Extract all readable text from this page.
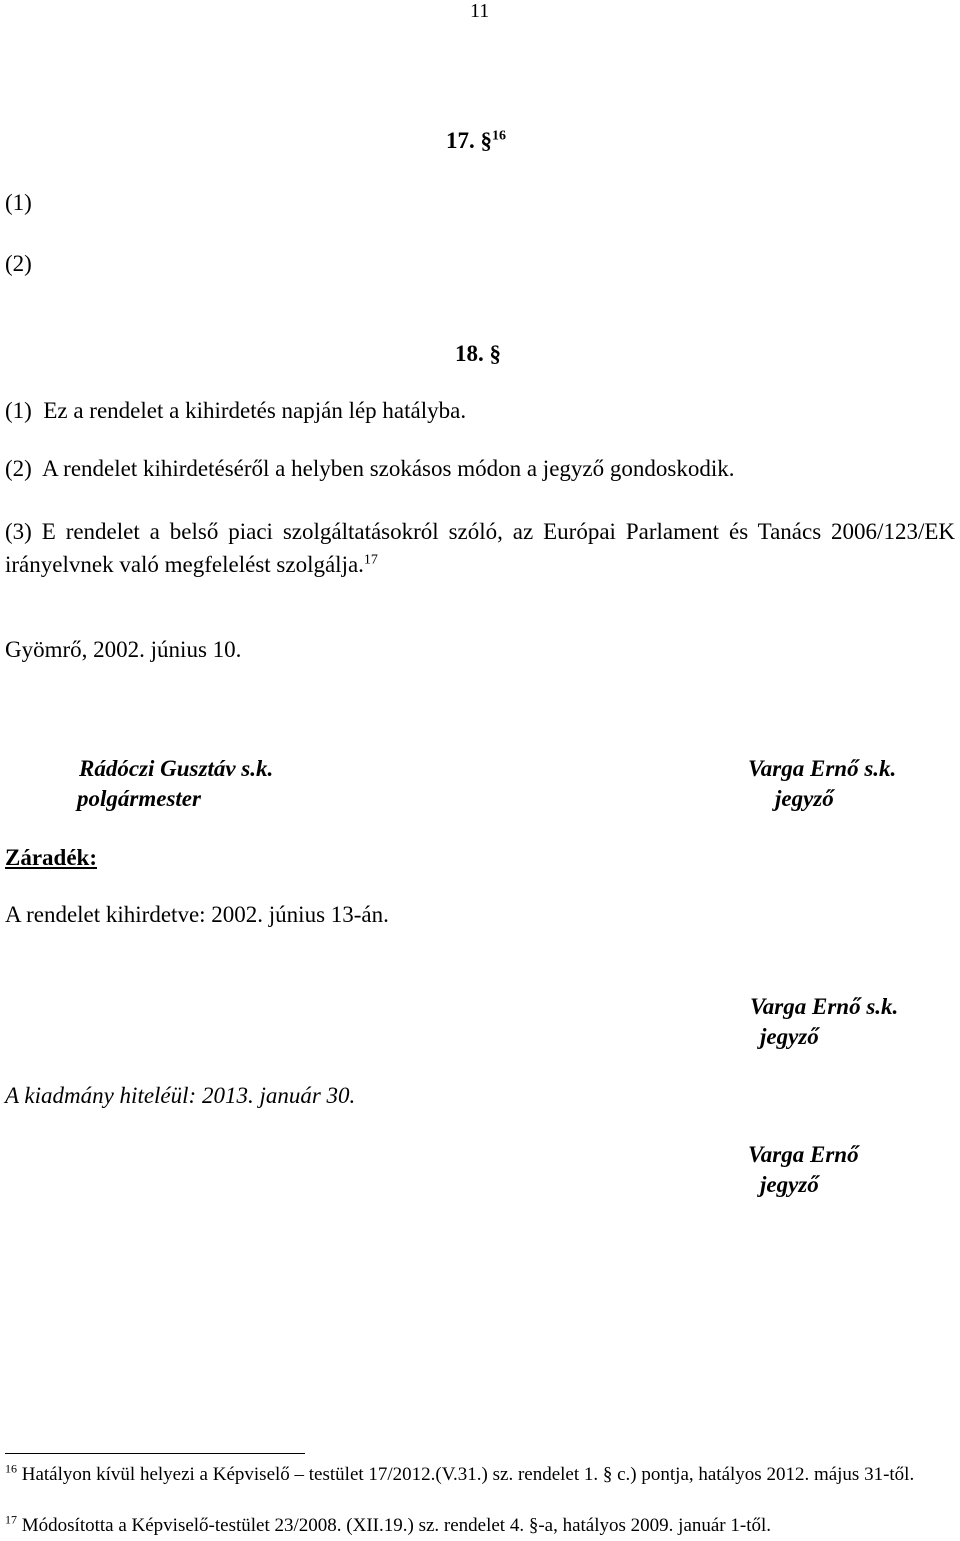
11
17. §$^{16}$
(1)
(2)
18. §
(1) Ez a rendelet a kihirdetés napján lép hatályba.
(2) A rendelet kihirdetéséről a helyben szokásos módon a jegyző gondoskodik.
(3) E rendelet a belső piaci szolgáltatásokról szóló, az Európai Parlament és Tanács 2006/123/EK irányelvnek való megfelelést szolgálja.$^{17}$
Gyömrő, 2002. június 10.
Rádóczi Gusztáv s.k.
polgármester
Varga Ernő s.k.
jegyző
Záradék:
A rendelet kihirdetve: 2002. június 13-án.
Varga Ernő s.k.
jegyző
A kiadmány hiteléül: 2013. január 30.
Varga Ernő
jegyző
$^{16}$ Hatályon kívül helyezi a Képviselő – testület 17/2012.(V.31.) sz. rendelet 1. § c.) pontja, hatályos 2012. május 31-től.
$^{17}$ Módosította a Képviselő-testület 23/2008. (XII.19.) sz. rendelet 4. §-a, hatályos 2009. január 1-től.
